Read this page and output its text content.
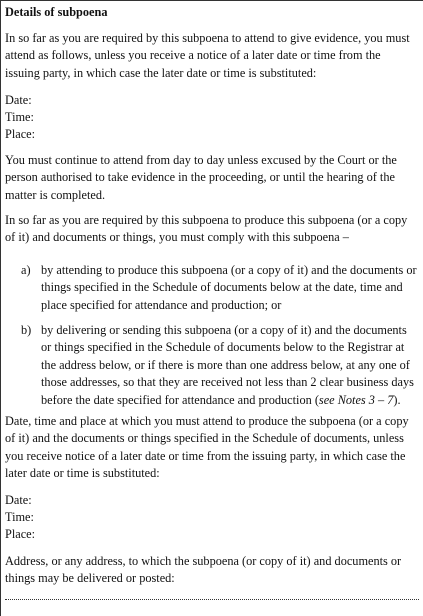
Details of subpoena

In so far as you are required by this subpoena to attend to give evidence, you must attend as follows, unless you receive a notice of a later date or time from the issuing party, in which case the later date or time is substituted:

Date:
Time:
Place:

You must continue to attend from day to day unless excused by the Court or the person authorised to take evidence in the proceeding, or until the hearing of the matter is completed.

In so far as you are required by this subpoena to produce this subpoena (or a copy of it) and documents or things, you must comply with this subpoena –

a) by attending to produce this subpoena (or a copy of it) and the documents or things specified in the Schedule of documents below at the date, time and place specified for attendance and production; or
b) by delivering or sending this subpoena (or a copy of it) and the documents or things specified in the Schedule of documents below to the Registrar at the address below, or if there is more than one address below, at any one of those addresses, so that they are received not less than 2 clear business days before the date specified for attendance and production (see Notes 3 – 7).

Date, time and place at which you must attend to produce the subpoena (or a copy of it) and the documents or things specified in the Schedule of documents, unless you receive notice of a later date or time from the issuing party, in which case the later date or time is substituted:

Date:
Time:
Place:

Address, or any address, to which the subpoena (or copy of it) and documents or things may be delivered or posted:
